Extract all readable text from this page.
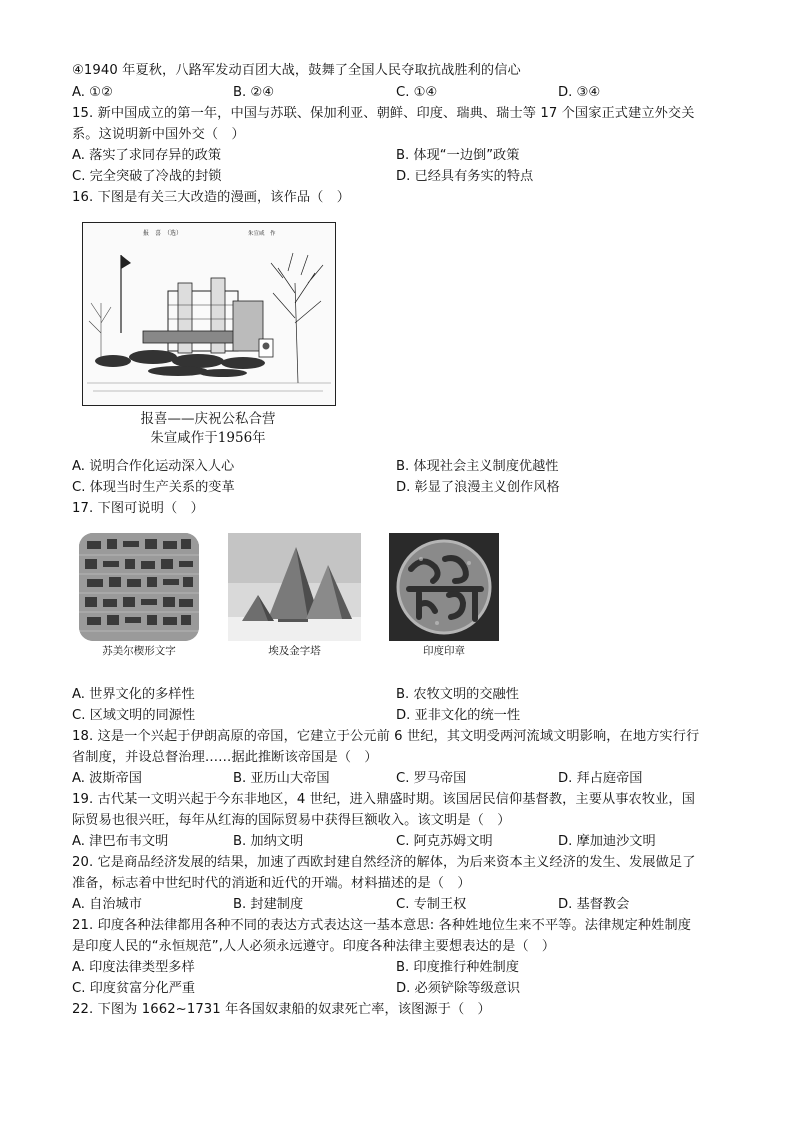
④1940 年夏秋，八路军发动百团大战，鼓舞了全国人民夺取抗战胜利的信心
A. ①②	B. ②④	C. ①④	D. ③④
15. 新中国成立的第一年，中国与苏联、保加利亚、朝鲜、印度、瑞典、瑞士等 17 个国家正式建立外交关
系。这说明新中国外交（　）
A. 落实了求同存异的政策	B. 体现“一边倒”政策
C. 完全突破了冷战的封锁	D. 已经具有务实的特点
16. 下图是有关三大改造的漫画，该作品（　）
报　喜　（选）	朱宣咸　作
报喜——庆祝公私合营
朱宣咸作于1956年
A. 说明合作化运动深入人心	B. 体现社会主义制度优越性
C. 体现当时生产关系的变革	D. 彰显了浪漫主义创作风格
17. 下图可说明（　）
苏美尔楔形文字	埃及金字塔	印度印章
A. 世界文化的多样性	B. 农牧文明的交融性
C. 区域文明的同源性	D. 亚非文化的统一性
18. 这是一个兴起于伊朗高原的帝国，它建立于公元前 6 世纪，其文明受两河流域文明影响，在地方实行行
省制度，并设总督治理……据此推断该帝国是（　）
A. 波斯帝国	B. 亚历山大帝国	C. 罗马帝国	D. 拜占庭帝国
19. 古代某一文明兴起于今东非地区，4 世纪，进入鼎盛时期。该国居民信仰基督教，主要从事农牧业，国
际贸易也很兴旺，每年从红海的国际贸易中获得巨额收入。该文明是（　）
A. 津巴布韦文明	B. 加纳文明	C. 阿克苏姆文明	D. 摩加迪沙文明
20. 它是商品经济发展的结果，加速了西欧封建自然经济的解体，为后来资本主义经济的发生、发展做足了
准备，标志着中世纪时代的消逝和近代的开端。材料描述的是（　）
A. 自治城市	B. 封建制度	C. 专制王权	D. 基督教会
21. 印度各种法律都用各种不同的表达方式表达这一基本意思: 各种姓地位生来不平等。法律规定种姓制度
是印度人民的“永恒规范”,人人必须永远遵守。印度各种法律主要想表达的是（　）
A. 印度法律类型多样	B. 印度推行种姓制度
C. 印度贫富分化严重	D. 必须铲除等级意识
22. 下图为 1662~1731 年各国奴隶船的奴隶死亡率，该图源于（　）
